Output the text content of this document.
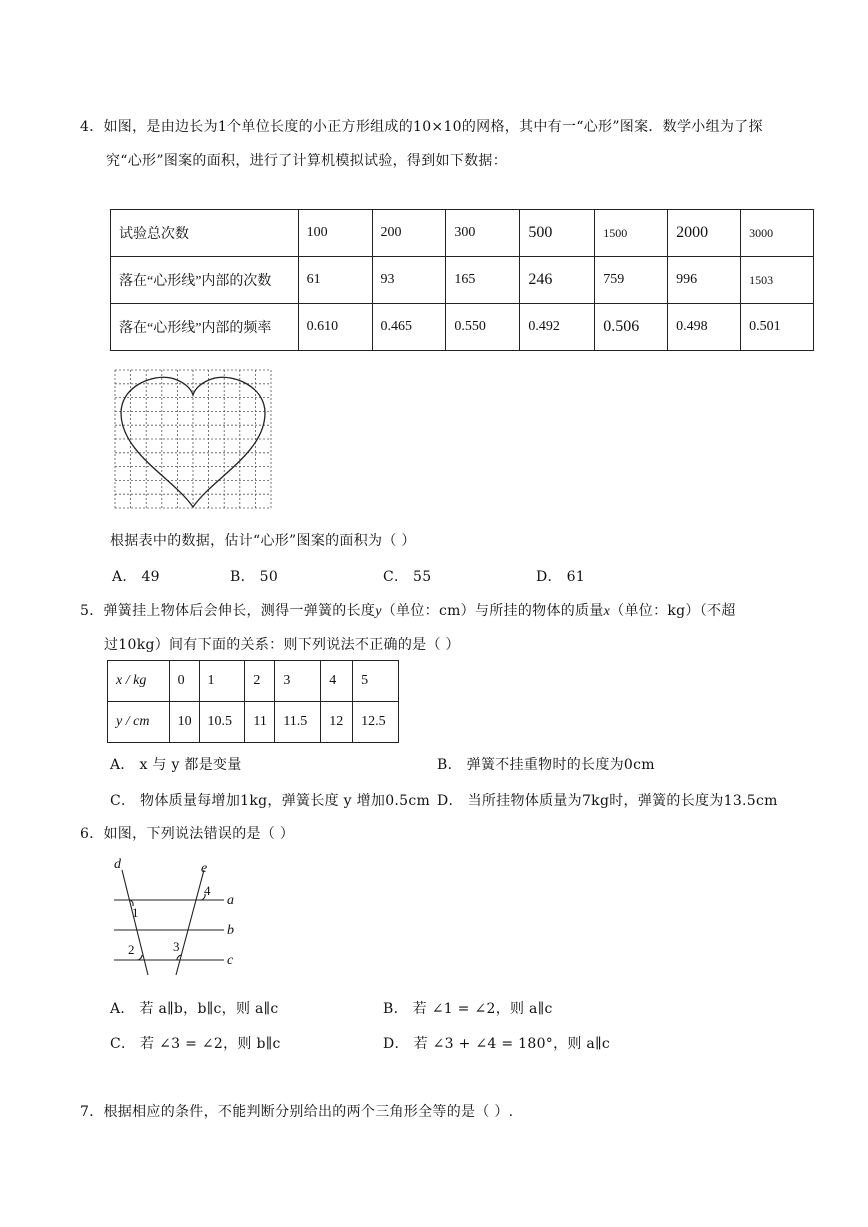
4．如图，是由边长为1个单位长度的小正方形组成的10×10的网格，其中有一“心形”图案．数学小组为了探
究“心形”图案的面积，进行了计算机模拟试验，得到如下数据：
试验总次数	100	200	300	500	1500	2000	3000
落在“心形线”内部的次数	61	93	165	246	759	996	1503
落在“心形线”内部的频率	0.610	0.465	0.550	0.492	0.506	0.498	0.501
根据表中的数据，估计“心形”图案的面积为（ ）
A． 49	B． 50	C． 55	D． 61
5．弹簧挂上物体后会伸长，测得一弹簧的长度y（单位：cm）与所挂的物体的质量x（单位：kg）（不超
过10kg）间有下面的关系：则下列说法不正确的是（ ）
x / kg	0	1	2	3	4	5
y / cm	10	10.5	11	11.5	12	12.5
A． x 与 y 都是变量	B． 弹簧不挂重物时的长度为0cm
C． 物体质量每增加1kg，弹簧长度 y 增加0.5cm D． 当所挂物体质量为7kg时，弹簧的长度为13.5cm
6．如图，下列说法错误的是（ ）
d	e
a
b
c
1
2	3
4
A． 若 a∥b，b∥c，则 a∥c	B． 若 ∠1 = ∠2，则 a∥c
C． 若 ∠3 = ∠2，则 b∥c	D． 若 ∠3 + ∠4 = 180°，则 a∥c
7．根据相应的条件，不能判断分别给出的两个三角形全等的是（ ）.
